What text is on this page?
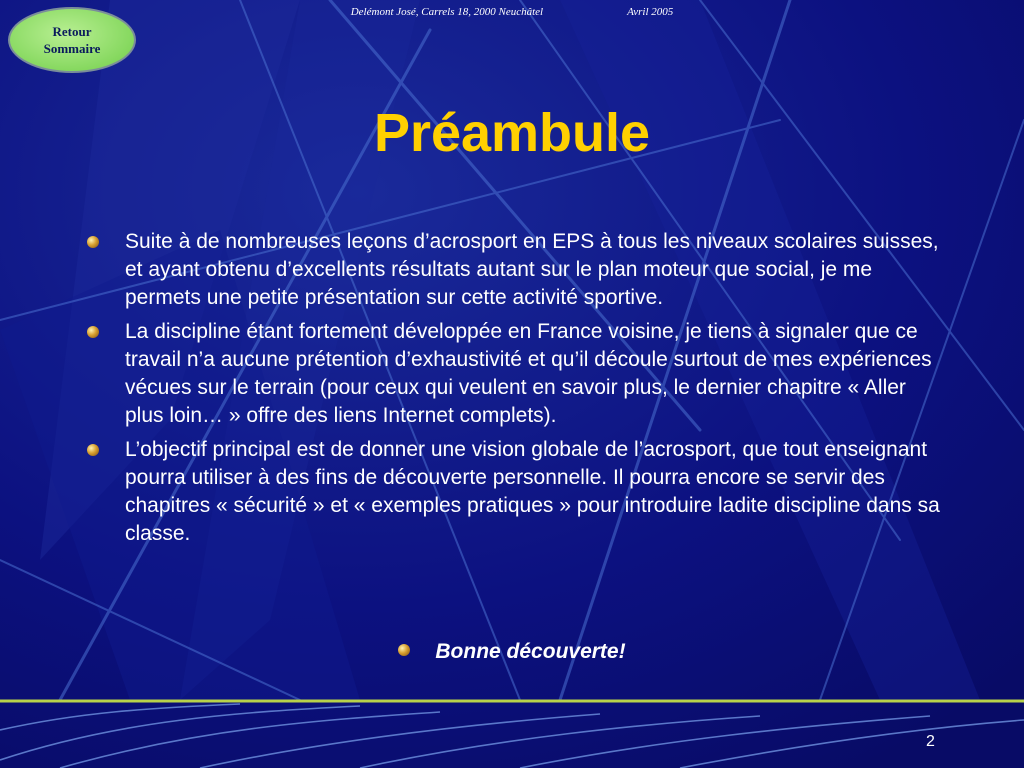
Delémont José, Carrels 18, 2000 Neuchâtel	Avril 2005
Retour
Sommaire
Préambule
Suite à de nombreuses leçons d’acrosport en EPS à tous les niveaux scolaires suisses, et ayant obtenu d’excellents résultats autant sur le plan moteur que social, je me permets une petite présentation sur cette activité sportive.
La discipline étant fortement développée en France voisine, je tiens à signaler que ce travail n’a aucune prétention d’exhaustivité et qu’il découle surtout de mes expériences vécues sur le terrain (pour ceux qui veulent en savoir plus, le dernier chapitre « Aller plus loin… » offre des liens Internet complets).
L’objectif principal est de donner une vision globale de l’acrosport, que tout enseignant pourra utiliser à des fins de découverte personnelle. Il pourra encore se servir des chapitres « sécurité » et « exemples pratiques » pour introduire ladite discipline dans sa classe.
Bonne découverte!
2
